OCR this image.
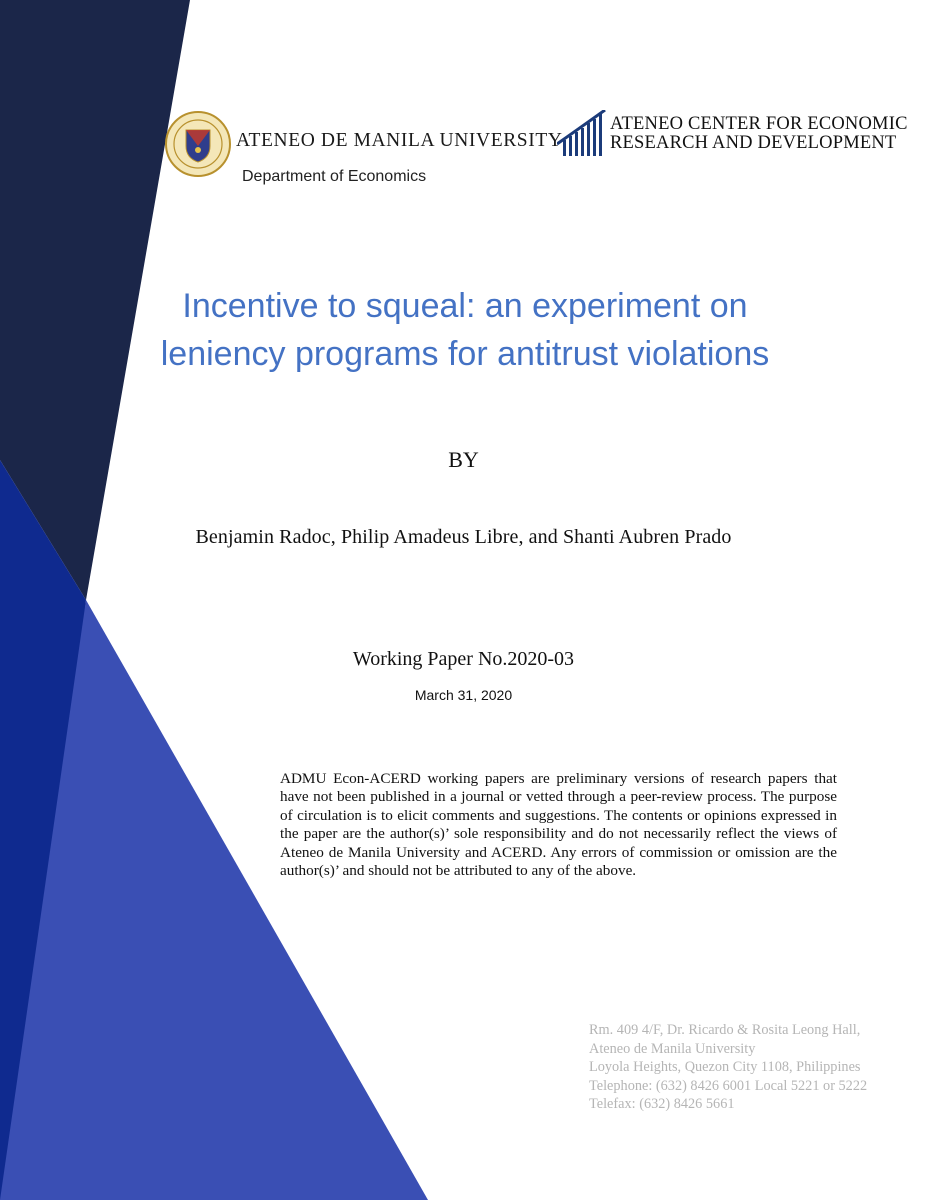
ATENEO DE MANILA UNIVERSITY
Department of Economics
ATENEO CENTER FOR ECONOMIC
RESEARCH AND DEVELOPMENT
Incentive to squeal: an experiment on
leniency programs for antitrust violations
BY
Benjamin Radoc, Philip Amadeus Libre, and Shanti Aubren Prado
Working Paper No.2020-03
March 31, 2020

ADMU Econ-ACERD working papers are preliminary versions of research papers that have not been published in a journal or vetted through a peer-review process. The purpose of circulation is to elicit comments and suggestions. The contents or opinions expressed in the paper are the author(s)’ sole responsibility and do not necessarily reflect the views of Ateneo de Manila University and ACERD. Any errors of commission or omission are the author(s)’ and should not be attributed to any of the above.

Rm. 409 4/F, Dr. Ricardo & Rosita Leong Hall,
Ateneo de Manila University
Loyola Heights, Quezon City 1108, Philippines
Telephone: (632) 8426 6001 Local 5221 or 5222
Telefax: (632) 8426 5661
